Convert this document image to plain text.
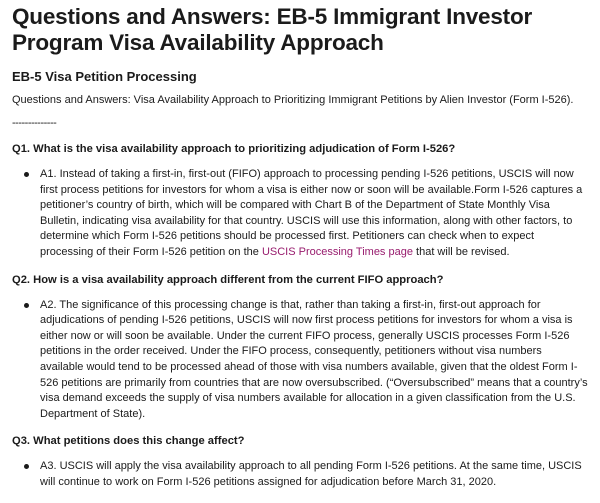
Questions and Answers: EB-5 Immigrant Investor Program Visa Availability Approach
EB-5 Visa Petition Processing

Questions and Answers: Visa Availability Approach to Prioritizing Immigrant Petitions by Alien Investor (Form I-526).

--------------

Q1. What is the visa availability approach to prioritizing adjudication of Form I-526?
A1. Instead of taking a first-in, first-out (FIFO) approach to processing pending I-526 petitions, USCIS will now first process petitions for investors for whom a visa is either now or soon will be available.Form I-526 captures a petitioner’s country of birth, which will be compared with Chart B of the Department of State Monthly Visa Bulletin, indicating visa availability for that country. USCIS will use this information, along with other factors, to determine which Form I-526 petitions should be processed first. Petitioners can check when to expect processing of their Form I-526 petition on the USCIS Processing Times page that will be revised.
Q2. How is a visa availability approach different from the current FIFO approach?
A2. The significance of this processing change is that, rather than taking a first-in, first-out approach for adjudications of pending I-526 petitions, USCIS will now first process petitions for investors for whom a visa is either now or will soon be available. Under the current FIFO process, generally USCIS processes Form I-526 petitions in the order received. Under the FIFO process, consequently, petitioners without visa numbers available would tend to be processed ahead of those with visa numbers available, given that the oldest Form I-526 petitions are primarily from countries that are now oversubscribed. (“Oversubscribed” means that a country’s visa demand exceeds the supply of visa numbers available for allocation in a given classification from the U.S. Department of State).
Q3. What petitions does this change affect?
A3. USCIS will apply the visa availability approach to all pending Form I-526 petitions. At the same time, USCIS will continue to work on Form I-526 petitions assigned for adjudication before March 31, 2020.
